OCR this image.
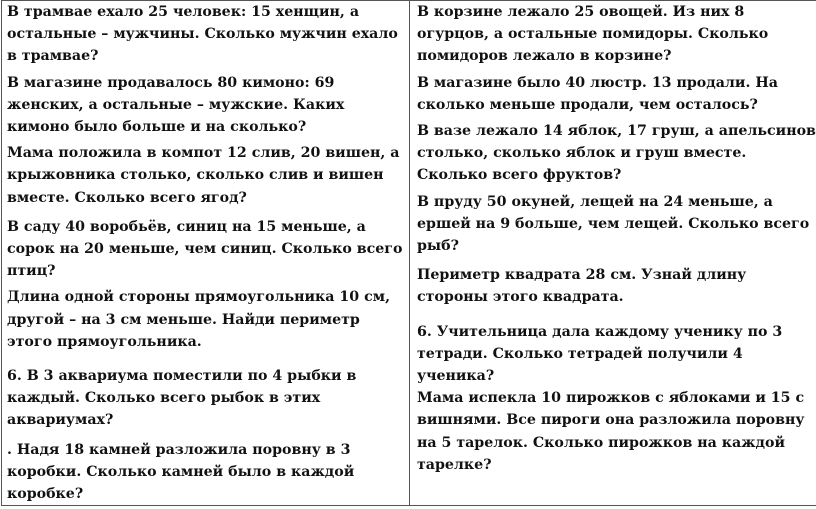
В трамвае ехало 25 человек: 15 хенщин, а остальные – мужчины. Сколько мужчин ехало в трамвае?

В магазине продавалось 80 кимоно: 69 женских, а остальные – мужские. Каких кимоно было больше и на сколько?

Мама положила в компот 12 слив, 20 вишен, а крыжовника столько, сколько слив и вишен вместе. Сколько всего ягод?

В саду 40 воробьёв, синиц на 15 меньше, а сорок на 20 меньше, чем синиц. Сколько всего птиц?

Длина одной стороны прямоугольника 10 см, другой – на 3 см меньше. Найди периметр этого прямоугольника.

6. В 3 аквариума поместили по 4 рыбки в каждый. Сколько всего рыбок в этих аквариумах?

. Надя 18 камней разложила поровну в 3 коробки. Сколько камней было в каждой коробке?

В корзине лежало 25 овощей. Из них 8 огурцов, а остальные помидоры. Сколько помидоров лежало в корзине?

В магазине было 40 люстр. 13 продали. На сколько меньше продали, чем осталось?

В вазе лежало 14 яблок, 17 груш, а апельсинов столько, сколько яблок и груш вместе. Сколько всего фруктов?

В пруду 50 окуней, лещей на 24 меньше, а ершей на 9 больше, чем лещей. Сколько всего рыб?

Периметр квадрата 28 см. Узнай длину стороны этого квадрата.

6. Учительница дала каждому ученику по 3 тетради. Сколько тетрадей получили 4 ученика?

Мама испекла 10 пирожков с яблоками и 15 с вишнями. Все пироги она разложила поровну на 5 тарелок. Сколько пирожков на каждой тарелке?
